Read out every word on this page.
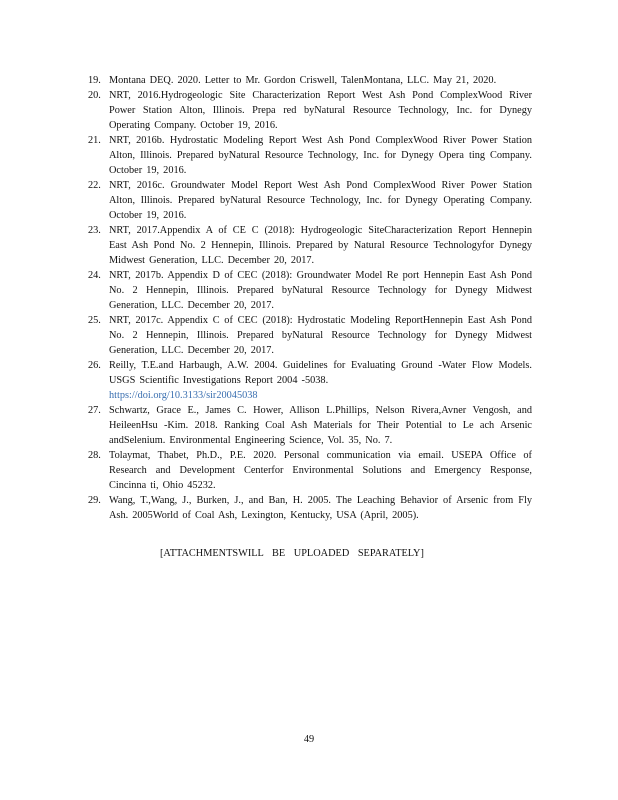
19. Montana DEQ. 2020. Letter to Mr. Gordon Criswell, TalenMontana, LLC. May 21, 2020.
20. NRT, 2016.Hydrogeologic Site Characterization Report West Ash Pond ComplexWood River Power Station Alton, Illinois. Prepa red byNatural Resource Technology, Inc. for Dynegy Operating Company. October 19, 2016.
21. NRT, 2016b. Hydrostatic Modeling Report West Ash Pond ComplexWood River Power Station Alton, Illinois. Prepared byNatural Resource Technology, Inc. for Dynegy Opera ting Company. October 19, 2016.
22. NRT, 2016c. Groundwater Model Report West Ash Pond ComplexWood River Power Station Alton, Illinois. Prepared byNatural Resource Technology, Inc. for Dynegy Operating Company. October 19, 2016.
23. NRT, 2017.Appendix A of CE C (2018): Hydrogeologic SiteCharacterization Report Hennepin East Ash Pond No. 2 Hennepin, Illinois. Prepared by Natural Resource Technologyfor Dynegy Midwest Generation, LLC. December 20, 2017.
24. NRT, 2017b. Appendix D of CEC (2018): Groundwater Model Re port Hennepin East Ash Pond No. 2 Hennepin, Illinois. Prepared byNatural Resource Technology for Dynegy Midwest Generation, LLC. December 20, 2017.
25. NRT, 2017c. Appendix C of CEC (2018): Hydrostatic Modeling ReportHennepin East Ash Pond No. 2 Hennepin, Illinois. Prepared byNatural Resource Technology for Dynegy Midwest Generation, LLC. December 20, 2017.
26. Reilly, T.E.and Harbaugh, A.W. 2004. Guidelines for Evaluating Ground -Water Flow Models. USGS Scientific Investigations Report 2004 -5038.
https://doi.org/10.3133/sir20045038
27. Schwartz, Grace E., James C. Hower, Allison L.Phillips, Nelson Rivera,Avner Vengosh, and HeileenHsu -Kim. 2018. Ranking Coal Ash Materials for Their Potential to Le ach Arsenic andSelenium. Environmental Engineering Science, Vol. 35, No. 7.
28. Tolaymat, Thabet, Ph.D., P.E. 2020. Personal communication via email. USEPA Office of Research and Development Centerfor Environmental Solutions and Emergency Response, Cincinna ti, Ohio 45232.
29. Wang, T.,Wang, J., Burken, J., and Ban, H. 2005. The Leaching Behavior of Arsenic from Fly Ash. 2005World of Coal Ash, Lexington, Kentucky, USA (April, 2005).
[ATTACHMENTSWILL BE UPLOADED SEPARATELY]
49
